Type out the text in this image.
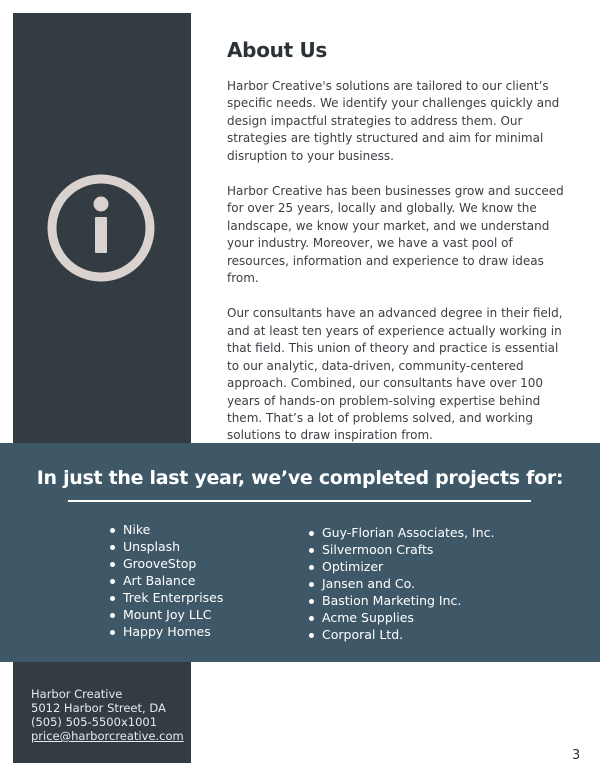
About Us

Harbor Creative's solutions are tailored to our client’s specific needs. We identify your challenges quickly and design impactful strategies to address them. Our strategies are tightly structured and aim for minimal disruption to your business.

Harbor Creative has been businesses grow and succeed for over 25 years, locally and globally. We know the landscape, we know your market, and we understand your industry. Moreover, we have a vast pool of resources, information and experience to draw ideas from.

Our consultants have an advanced degree in their field, and at least ten years of experience actually working in that field. This union of theory and practice is essential to our analytic, data-driven, community-centered approach. Combined, our consultants have over 100 years of hands-on problem-solving expertise behind them. That’s a lot of problems solved, and working solutions to draw inspiration from.

In just the last year, we’ve completed projects for:
Nike
Unsplash
GrooveStop
Art Balance
Trek Enterprises
Mount Joy LLC
Happy Homes
Guy-Florian Associates, Inc.
Silvermoon Crafts
Optimizer
Jansen and Co.
Bastion Marketing Inc.
Acme Supplies
Corporal Ltd.
Harbor Creative
5012 Harbor Street, DA
(505) 505-5500x1001
price@harborcreative.com
3
